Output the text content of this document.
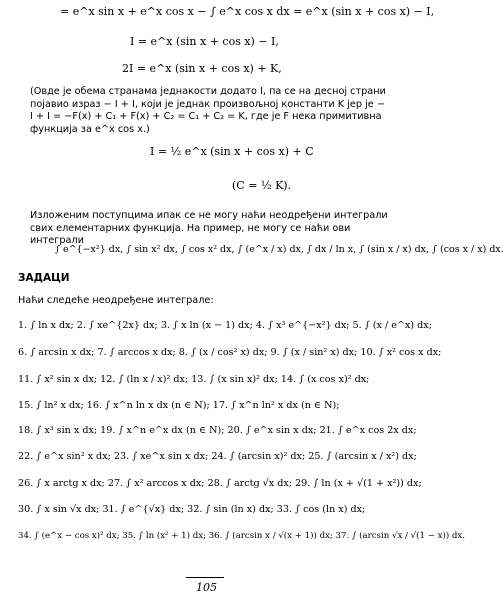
= e^x sin x + e^x cos x − ∫ e^x cos x dx = e^x (sin x + cos x) − I,
I = e^x (sin x + cos x) − I,
2I = e^x (sin x + cos x) + K,
(Овде је обема странама једнакости додато I, па се на десној страни појавио израз − I + I, који је једнак произвољној константи K јер је − I + I = −F(x) + C₁ + F(x) + C₂ = C₁ + C₂ = K, где је F нека примитивна функција за e^x cos x.)
I = ½ e^x (sin x + cos x) + C
(C = ½ K).
Изложеним поступцима ипак се не могу наћи неодређени интеграли свих елементарних функција. На пример, не могу се наћи ови интеграли
∫ e^{−x²} dx, ∫ sin x² dx, ∫ cos x² dx, ∫ (e^x / x) dx, ∫ dx / ln x, ∫ (sin x / x) dx, ∫ (cos x / x) dx.
ЗАДАЦИ
Наћи следеће неодређене интеграле:
1. ∫ ln x dx; 2. ∫ xe^{2x} dx; 3. ∫ x ln (x − 1) dx; 4. ∫ x³ e^{−x²} dx; 5. ∫ (x / e^x) dx;
6. ∫ arcsin x dx; 7. ∫ arccos x dx; 8. ∫ (x / cos² x) dx; 9. ∫ (x / sin² x) dx; 10. ∫ x² cos x dx;
11. ∫ x² sin x dx; 12. ∫ (ln x / x)² dx; 13. ∫ (x sin x)² dx; 14. ∫ (x cos x)² dx;
15. ∫ ln² x dx; 16. ∫ x^n ln x dx (n ∈ N); 17. ∫ x^n ln² x dx (n ∈ N);
18. ∫ x³ sin x dx; 19. ∫ x^n e^x dx (n ∈ N); 20. ∫ e^x sin x dx; 21. ∫ e^x cos 2x dx;
22. ∫ e^x sin² x dx; 23. ∫ xe^x sin x dx; 24. ∫ (arcsin x)² dx; 25. ∫ (arcsin x / x²) dx;
26. ∫ x arctg x dx; 27. ∫ x² arccos x dx; 28. ∫ arctg √x dx; 29. ∫ ln (x + √(1 + x²)) dx;
30. ∫ x sin √x dx; 31. ∫ e^{√x} dx; 32. ∫ sin (ln x) dx; 33. ∫ cos (ln x) dx;
34. ∫ (e^x − cos x)² dx; 35. ∫ ln (x² + 1) dx; 36. ∫ (arcsin x / √(x + 1)) dx; 37. ∫ (arcsin √x / √(1 − x)) dx.
105
